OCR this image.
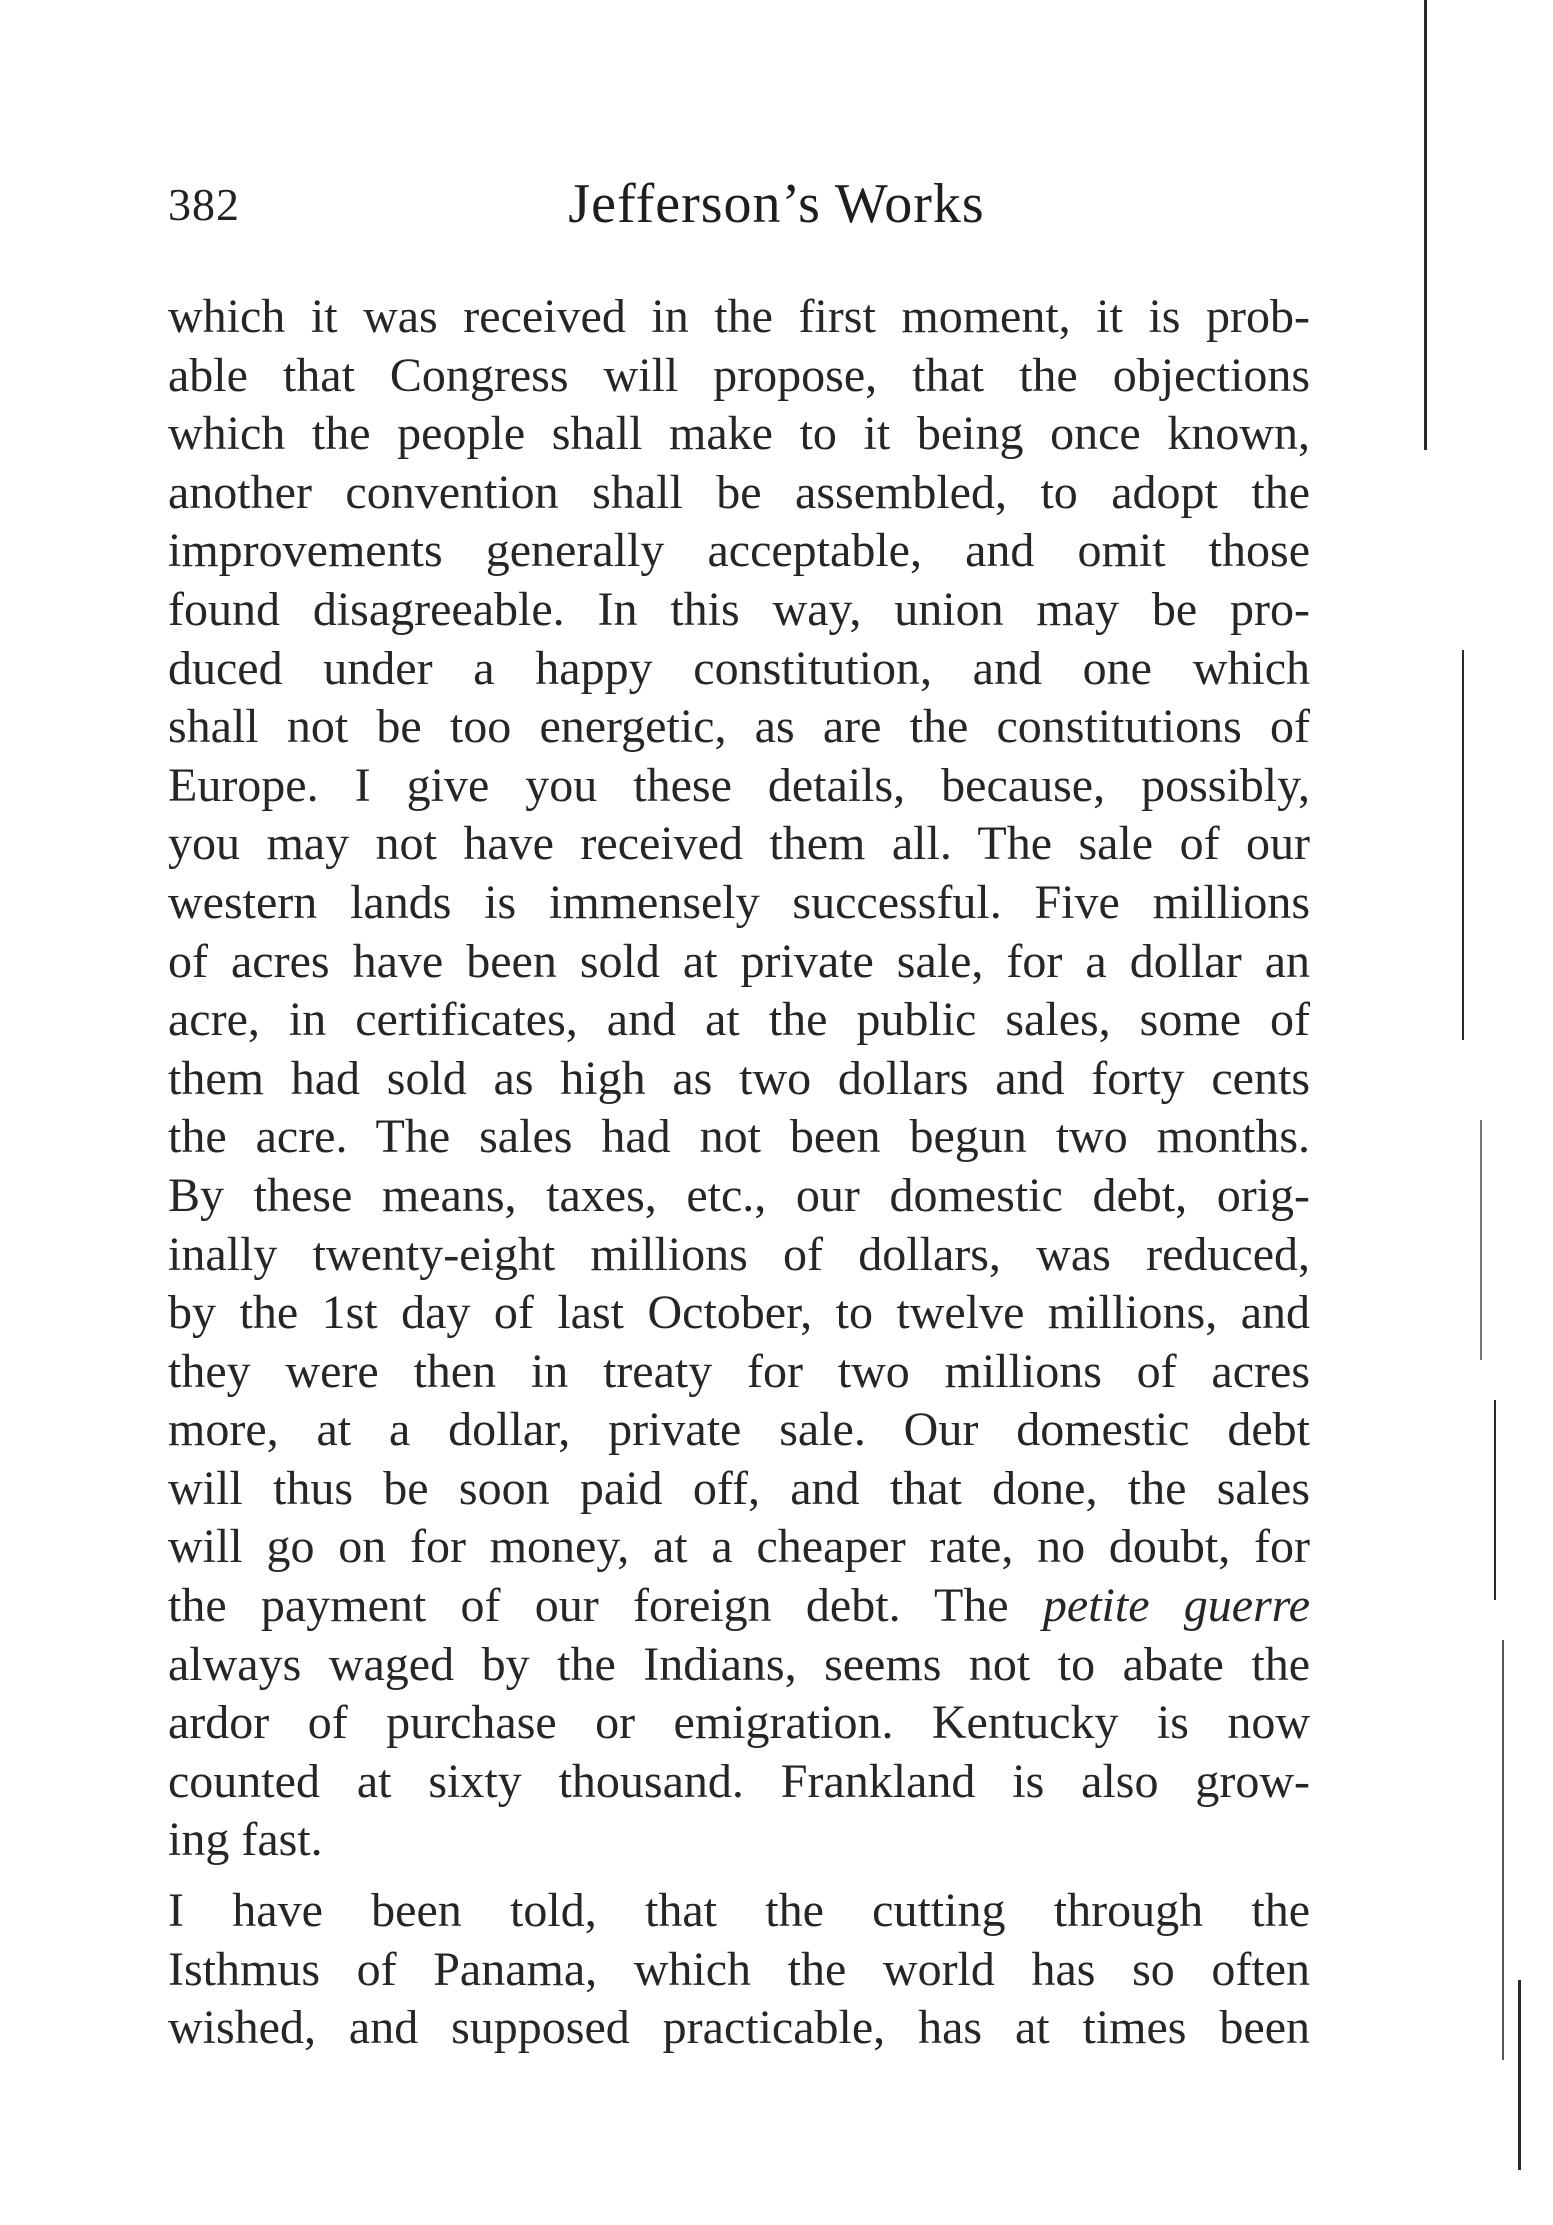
382	Jefferson’s Works
which it was received in the first moment, it is prob-
able that Congress will propose, that the objections
which the people shall make to it being once known,
another convention shall be assembled, to adopt the
improvements generally acceptable, and omit those
found disagreeable. In this way, union may be pro-
duced under a happy constitution, and one which
shall not be too energetic, as are the constitutions of
Europe. I give you these details, because, possibly,
you may not have received them all. The sale of our
western lands is immensely successful. Five millions
of acres have been sold at private sale, for a dollar an
acre, in certificates, and at the public sales, some of
them had sold as high as two dollars and forty cents
the acre. The sales had not been begun two months.
By these means, taxes, etc., our domestic debt, orig-
inally twenty-eight millions of dollars, was reduced,
by the 1st day of last October, to twelve millions, and
they were then in treaty for two millions of acres
more, at a dollar, private sale. Our domestic debt
will thus be soon paid off, and that done, the sales
will go on for money, at a cheaper rate, no doubt, for
the payment of our foreign debt. The petite guerre
always waged by the Indians, seems not to abate the
ardor of purchase or emigration. Kentucky is now
counted at sixty thousand. Frankland is also grow-
ing fast.
I have been told, that the cutting through the
Isthmus of Panama, which the world has so often
wished, and supposed practicable, has at times been
